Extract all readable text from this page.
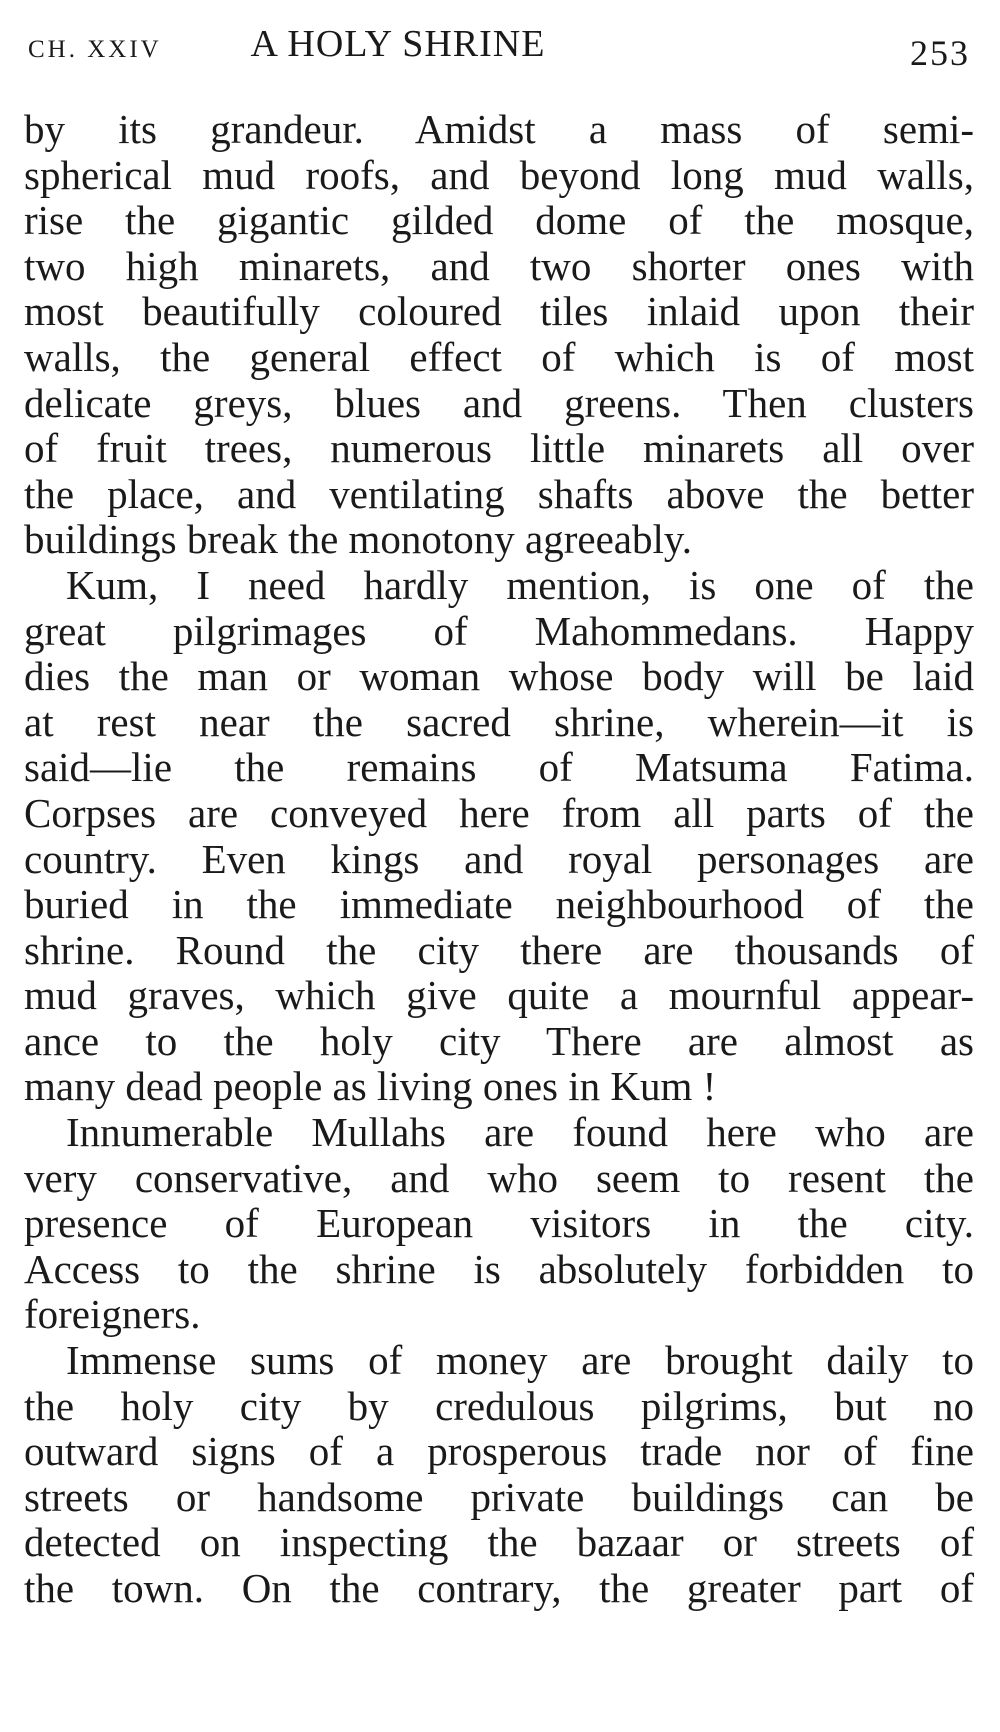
CH. XXIV	A HOLY SHRINE	253
by its grandeur. Amidst a mass of semi-
spherical mud roofs, and beyond long mud walls,
rise the gigantic gilded dome of the mosque,
two high minarets, and two shorter ones with
most beautifully coloured tiles inlaid upon their
walls, the general effect of which is of most
delicate greys, blues and greens. Then clusters
of fruit trees, numerous little minarets all over
the place, and ventilating shafts above the better
buildings break the monotony agreeably.
Kum, I need hardly mention, is one of the
great pilgrimages of Mahommedans. Happy
dies the man or woman whose body will be laid
at rest near the sacred shrine, wherein—it is
said—lie the remains of Matsuma Fatima.
Corpses are conveyed here from all parts of the
country. Even kings and royal personages are
buried in the immediate neighbourhood of the
shrine. Round the city there are thousands of
mud graves, which give quite a mournful appear-
ance to the holy city There are almost as
many dead people as living ones in Kum !
Innumerable Mullahs are found here who are
very conservative, and who seem to resent the
presence of European visitors in the city.
Access to the shrine is absolutely forbidden to
foreigners.
Immense sums of money are brought daily to
the holy city by credulous pilgrims, but no
outward signs of a prosperous trade nor of fine
streets or handsome private buildings can be
detected on inspecting the bazaar or streets of
the town. On the contrary, the greater part of
